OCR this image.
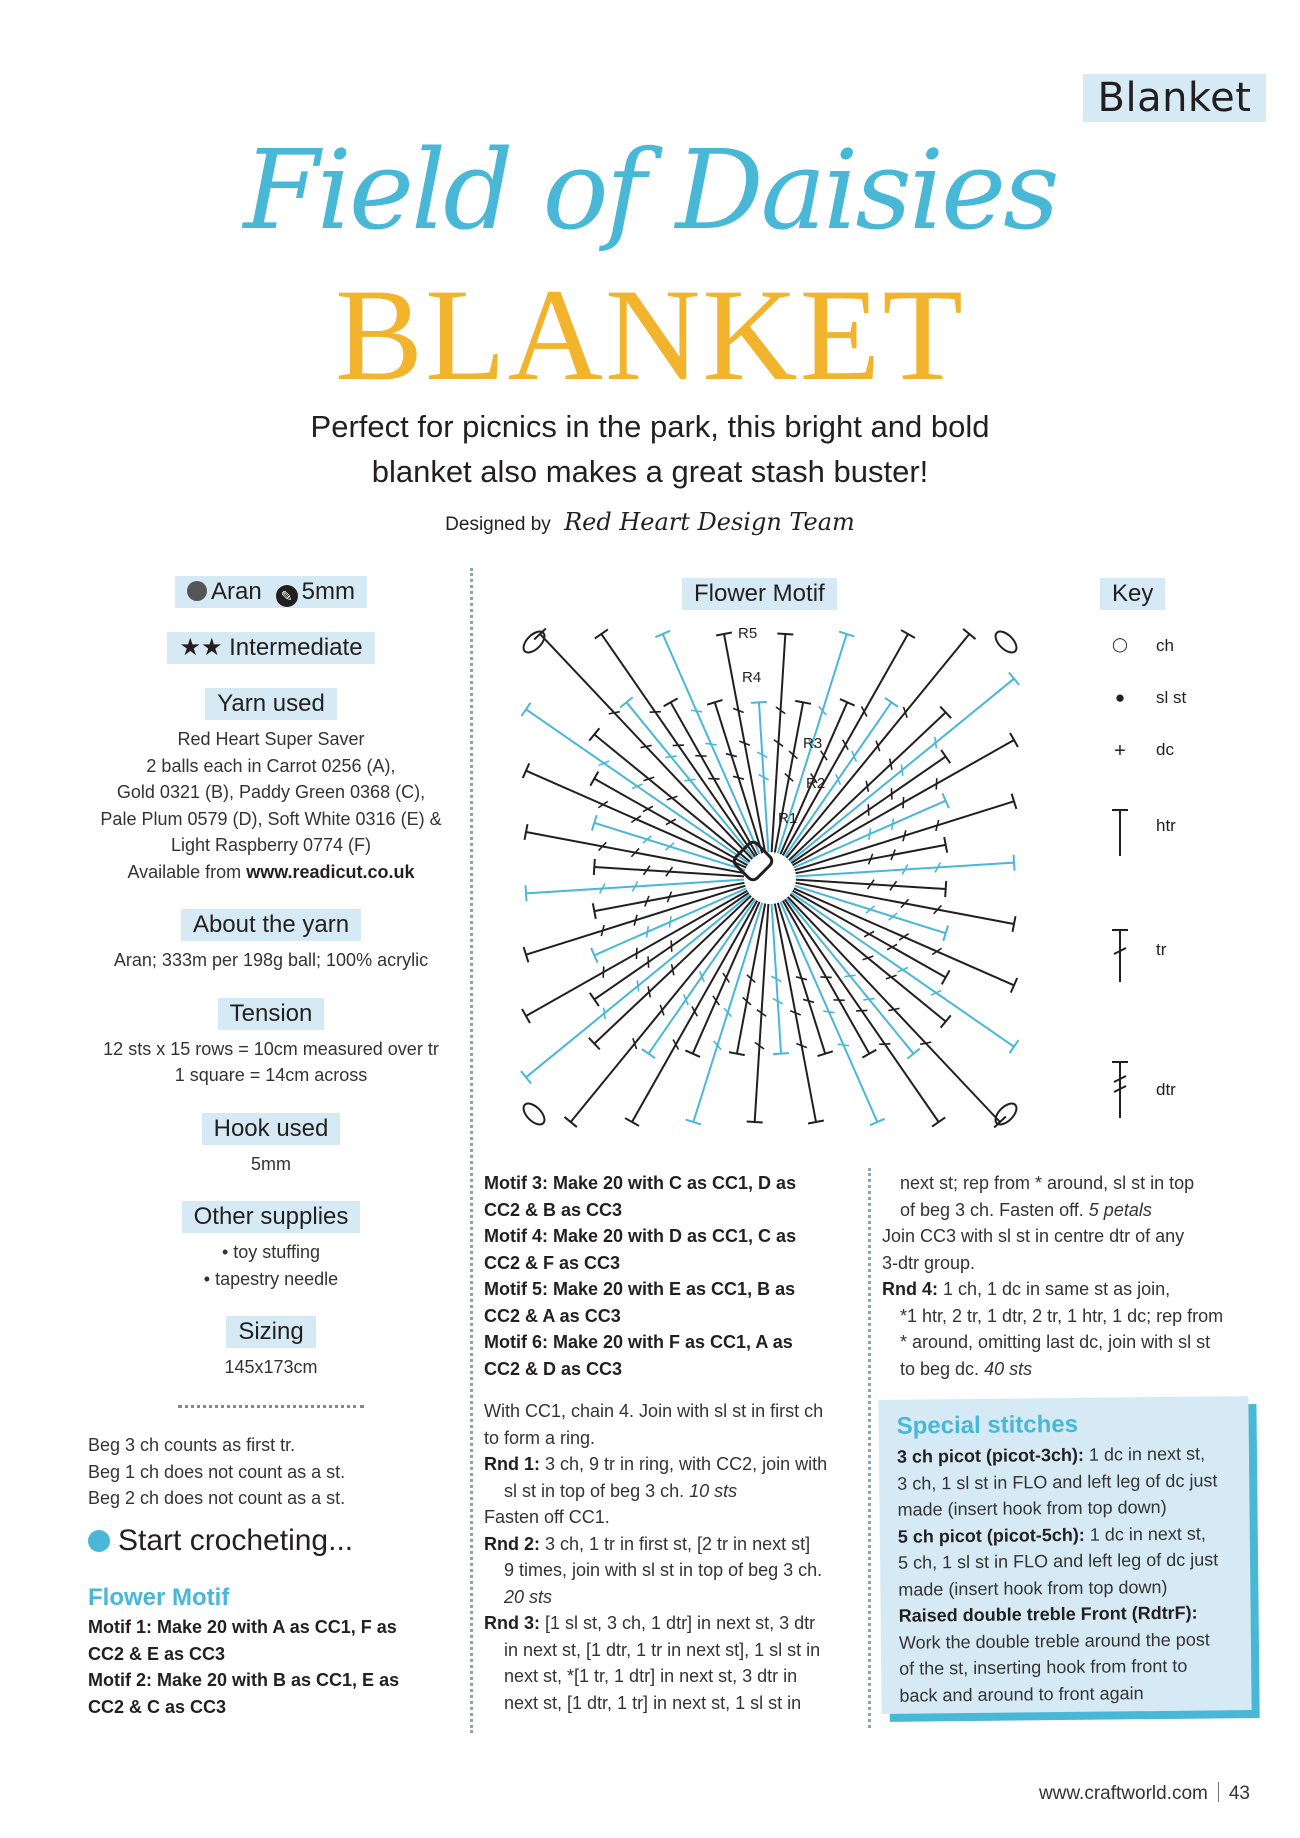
Blanket
Field of Daisies
BLANKET
Perfect for picnics in the park, this bright and bold
blanket also makes a great stash buster!
Designed by Red Heart Design Team
Aran ✎ 5mm
★★ Intermediate
Yarn used
Red Heart Super Saver
2 balls each in Carrot 0256 (A),
Gold 0321 (B), Paddy Green 0368 (C),
Pale Plum 0579 (D), Soft White 0316 (E) &
Light Raspberry 0774 (F)
Available from www.readicut.co.uk
About the yarn
Aran; 333m per 198g ball; 100% acrylic
Tension
12 sts x 15 rows = 10cm measured over tr
1 square = 14cm across
Hook used
5mm
Other supplies
• toy stuffing
• tapestry needle
Sizing
145x173cm
Beg 3 ch counts as first tr.
Beg 1 ch does not count as a st.
Beg 2 ch does not count as a st.
Start crocheting...
Flower Motif
Motif 1: Make 20 with A as CC1, F as
CC2 & E as CC3
Motif 2: Make 20 with B as CC1, E as
CC2 & C as CC3
Flower Motif	Key
R5
R4
R3
R2
R1
◯ ch
●	sl st
+	dc
htr
tr
dtr

Motif 3: Make 20 with C as CC1, D as

CC2 & B as CC3

Motif 4: Make 20 with D as CC1, C as

CC2 & F as CC3

Motif 5: Make 20 with E as CC1, B as

CC2 & A as CC3

Motif 6: Make 20 with F as CC1, A as

CC2 & D as CC3

With CC1, chain 4. Join with sl st in first ch

to form a ring.

Rnd 1: 3 ch, 9 tr in ring, with CC2, join with

sl st in top of beg 3 ch. 10 sts

Fasten off CC1.

Rnd 2: 3 ch, 1 tr in first st, [2 tr in next st]

9 times, join with sl st in top of beg 3 ch.

20 sts

Rnd 3: [1 sl st, 3 ch, 1 dtr] in next st, 3 dtr

in next st, [1 dtr, 1 tr in next st], 1 sl st in

next st, *[1 tr, 1 dtr] in next st, 3 dtr in

next st, [1 dtr, 1 tr] in next st, 1 sl st in

next st; rep from * around, sl st in top

of beg 3 ch. Fasten off. 5 petals

Join CC3 with sl st in centre dtr of any

3-dtr group.

Rnd 4: 1 ch, 1 dc in same st as join,

*1 htr, 2 tr, 1 dtr, 2 tr, 1 htr, 1 dc; rep from

* around, omitting last dc, join with sl st

to beg dc. 40 sts

Special stitches
3 ch picot (picot-3ch): 1 dc in next st,
3 ch, 1 sl st in FLO and left leg of dc just
made (insert hook from top down)
5 ch picot (picot-5ch): 1 dc in next st,
5 ch, 1 sl st in FLO and left leg of dc just
made (insert hook from top down)
Raised double treble Front (RdtrF):
Work the double treble around the post
of the st, inserting hook from front to
back and around to front again
www.craftworld.com 43
